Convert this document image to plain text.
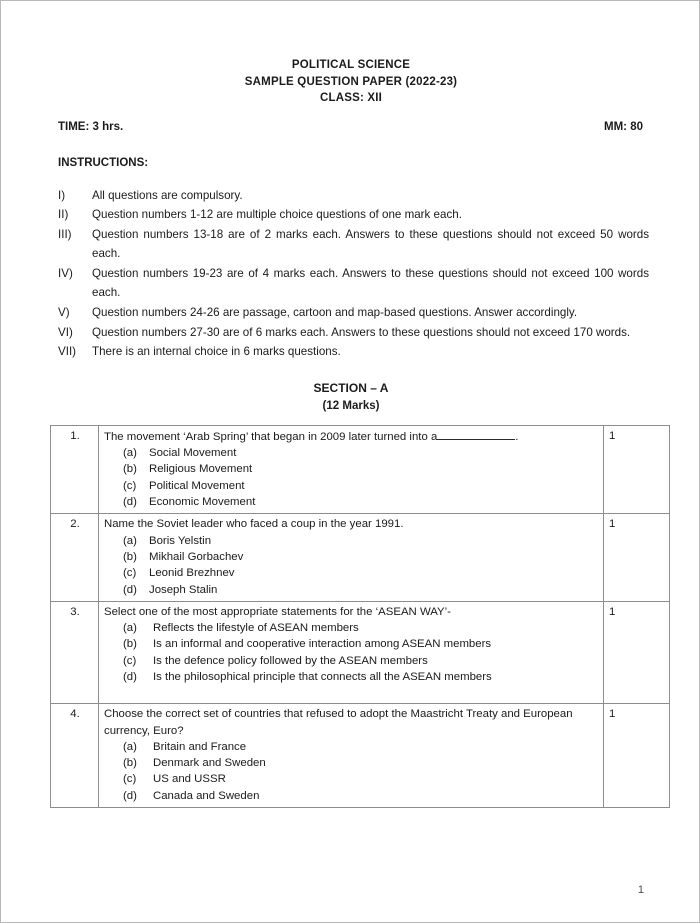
POLITICAL SCIENCE
SAMPLE QUESTION PAPER (2022-23)
CLASS: XII
TIME: 3 hrs.	MM: 80
INSTRUCTIONS:
I)	All questions are compulsory.
II)	Question numbers 1-12 are multiple choice questions of one mark each.
III)	Question numbers 13-18 are of 2 marks each. Answers to these questions should not exceed 50 words each.
IV)	Question numbers 19-23 are of 4 marks each. Answers to these questions should not exceed 100 words each.
V)	Question numbers 24-26 are passage, cartoon and map-based questions. Answer accordingly.
VI)	Question numbers 27-30 are of 6 marks each. Answers to these questions should not exceed 170 words.
VII)	There is an internal choice in 6 marks questions.
SECTION – A
(12 Marks)
1.	The movement ‘Arab Spring’ that began in 2009 later turned into a	.
(a)	Social Movement
(b)	Religious Movement
(c)	Political Movement
(d)	Economic Movement
	1
2.	Name the Soviet leader who faced a coup in the year 1991.
(a)	Boris Yelstin
(b)	Mikhail Gorbachev
(c)	Leonid Brezhnev
(d)	Joseph Stalin
	1
3.	Select one of the most appropriate statements for the ‘ASEAN WAY’-
(a)	Reflects the lifestyle of ASEAN members
(b)	Is an informal and cooperative interaction among ASEAN members
(c)	Is the defence policy followed by the ASEAN members
(d)	Is the philosophical principle that connects all the ASEAN members
	1
4.	Choose the correct set of countries that refused to adopt the Maastricht Treaty and European currency, Euro?
(a)	Britain and France
(b)	Denmark and Sweden
(c)	US and USSR
(d)	Canada and Sweden
	1
1
